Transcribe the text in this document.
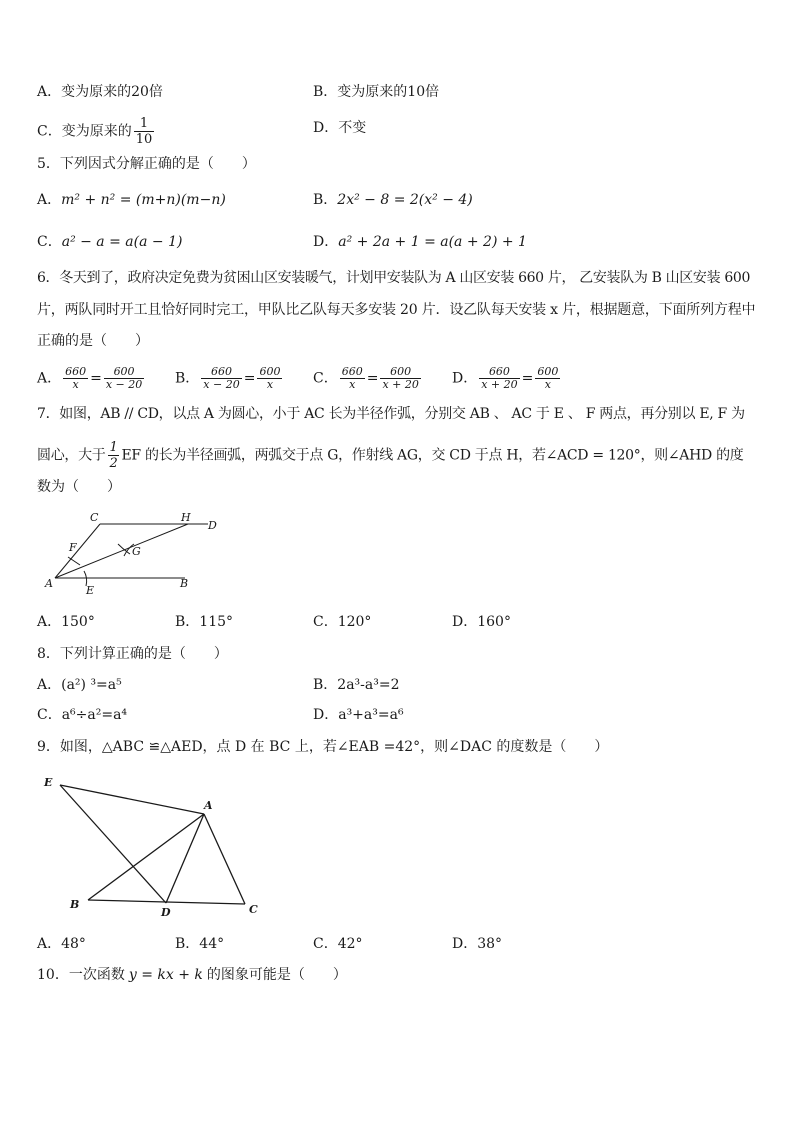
A．变为原来的20倍	B．变为原来的10倍
C．变为原来的 $\frac{1}{10}$	D．不变
5．下列因式分解正确的是（　　）
A．m² + n² = (m+n)(m−n)	B．2x² − 8 = 2(x² − 4)
C．a² − a = a(a − 1)	D．a² + 2a + 1 = a(a + 2) + 1
6．冬天到了，政府决定免费为贫困山区安装暖气，计划甲安装队为 A 山区安装 660 片， 乙安装队为 B 山区安装 600
片，两队同时开工且恰好同时完工，甲队比乙队每天多安装 20 片．设乙队每天安装 x 片，根据题意，下面所列方程中
正确的是（　　）
A． $\frac{660}{x} = \frac{600}{x - 20}$ B． $\frac{660}{x - 20} = \frac{600}{x}$ C． $\frac{660}{x} = \frac{600}{x + 20}$ D． $\frac{660}{x + 20} = \frac{600}{x}$
7．如图，AB // CD，以点 A 为圆心，小于 AC 长为半径作弧，分别交 AB 、 AC 于 E 、 F 两点，再分别以 E, F 为
圆心，大于 $\frac{1}{2}$ EF 的长为半径画弧，两弧交于点 G，作射线 AG，交 CD 于点 H，若∠ACD = 120°，则∠AHD 的度
数为（　　）
A	B
C	H
D
F	G
E
A．150°	B．115°	C．120°	D．160°
8．下列计算正确的是（　　）
A．(a²) ³=a⁵	B．2a³-a³=2
C．a⁶÷a²=a⁴	D．a³+a³=a⁶
9．如图，△ABC ≌△AED，点 D 在 BC 上，若∠EAB =42°，则∠DAC 的度数是（　　）
E
A
B
D	C
A．48°	B．44°	C．42°	D．38°
10．一次函数 y = kx + k 的图象可能是（　　）
